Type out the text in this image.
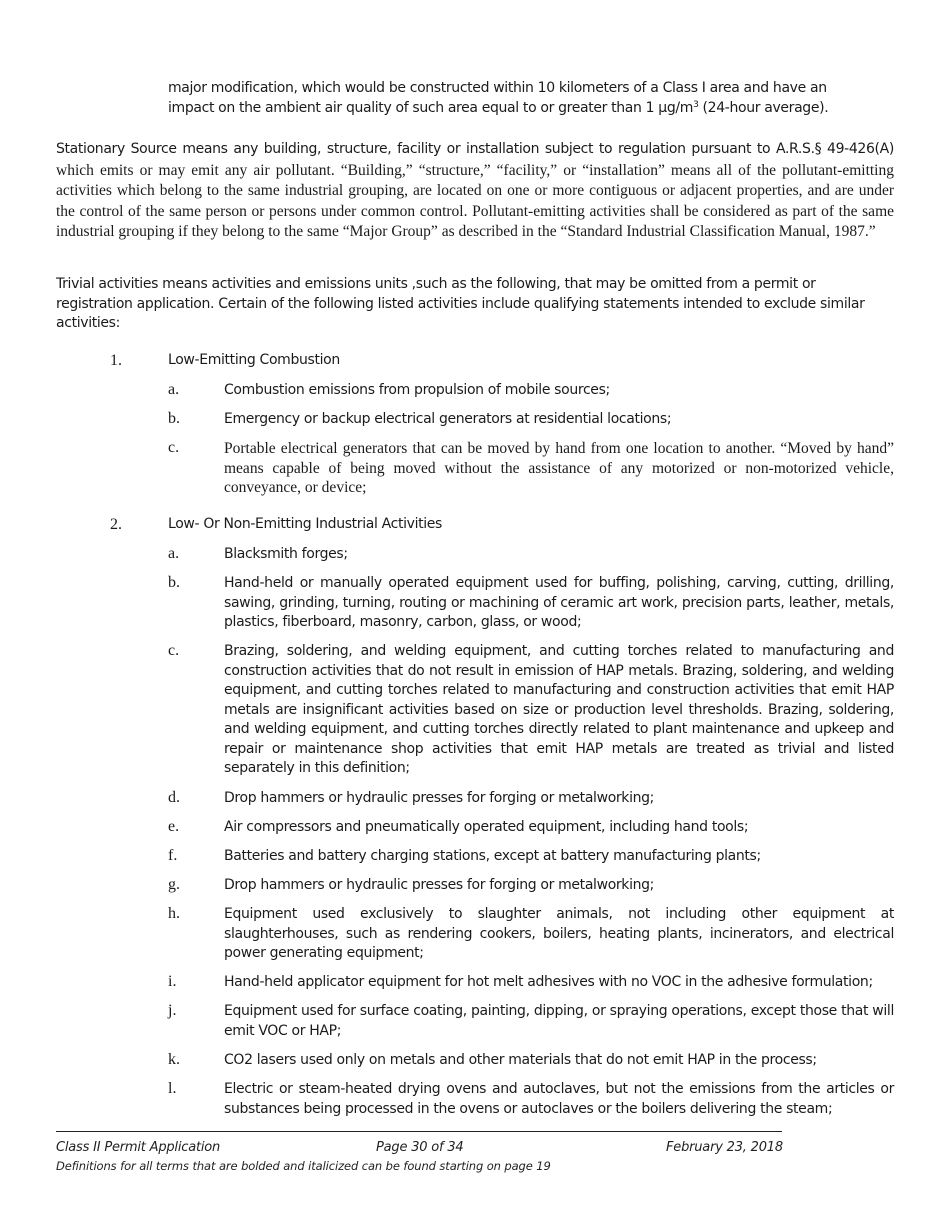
major modification, which would be constructed within 10 kilometers of a Class I area and have an
impact on the ambient air quality of such area equal to or greater than 1 $\mu g/m^3$ (24-hour average).
Stationary Source means any building, structure, facility or installation subject to regulation pursuant to A.R.S.§ 49-426(A) which emits or may emit any air pollutant. “Building,” “structure,” “facility,” or “installation” means all of the pollutant-emitting activities which belong to the same industrial grouping, are located on one or more contiguous or adjacent properties, and are under the control of the same person or persons under common control. Pollutant-emitting activities shall be considered as part of the same industrial grouping if they belong to the same “Major Group” as described in the “Standard Industrial Classification Manual, 1987.”
Trivial activities means activities and emissions units ,such as the following, that may be omitted from a permit or
registration application. Certain of the following listed activities include qualifying statements intended to exclude similar
activities:
1.	Low-Emitting Combustion
a.	Combustion emissions from propulsion of mobile sources;
b.	Emergency or backup electrical generators at residential locations;
c.	Portable electrical generators that can be moved by hand from one location to another. “Moved by hand” means capable of being moved without the assistance of any motorized or non-motorized vehicle, conveyance, or device;
2.	Low- Or Non-Emitting Industrial Activities
a.	Blacksmith forges;
b.	Hand-held or manually operated equipment used for buffing, polishing, carving, cutting, drilling, sawing, grinding, turning, routing or machining of ceramic art work, precision parts, leather, metals, plastics, fiberboard, masonry, carbon, glass, or wood;
c.	Brazing, soldering, and welding equipment, and cutting torches related to manufacturing and construction activities that do not result in emission of HAP metals. Brazing, soldering, and welding equipment, and cutting torches related to manufacturing and construction activities that emit HAP metals are insignificant activities based on size or production level thresholds. Brazing, soldering, and welding equipment, and cutting torches directly related to plant maintenance and upkeep and repair or maintenance shop activities that emit HAP metals are treated as trivial and listed separately in this definition;
d.	Drop hammers or hydraulic presses for forging or metalworking;
e.	Air compressors and pneumatically operated equipment, including hand tools;
f.	Batteries and battery charging stations, except at battery manufacturing plants;
g.	Drop hammers or hydraulic presses for forging or metalworking;
h.	Equipment used exclusively to slaughter animals, not including other equipment at slaughterhouses, such as rendering cookers, boilers, heating plants, incinerators, and electrical power generating equipment;
i.	Hand-held applicator equipment for hot melt adhesives with no VOC in the adhesive formulation;
j.	Equipment used for surface coating, painting, dipping, or spraying operations, except those that will emit VOC or HAP;
k.	CO2 lasers used only on metals and other materials that do not emit HAP in the process;
l.	Electric or steam-heated drying ovens and autoclaves, but not the emissions from the articles or substances being processed in the ovens or autoclaves or the boilers delivering the steam;
Class II Permit Application	Page 30 of 34	February 23, 2018
Definitions for all terms that are bolded and italicized can be found starting on page 19
